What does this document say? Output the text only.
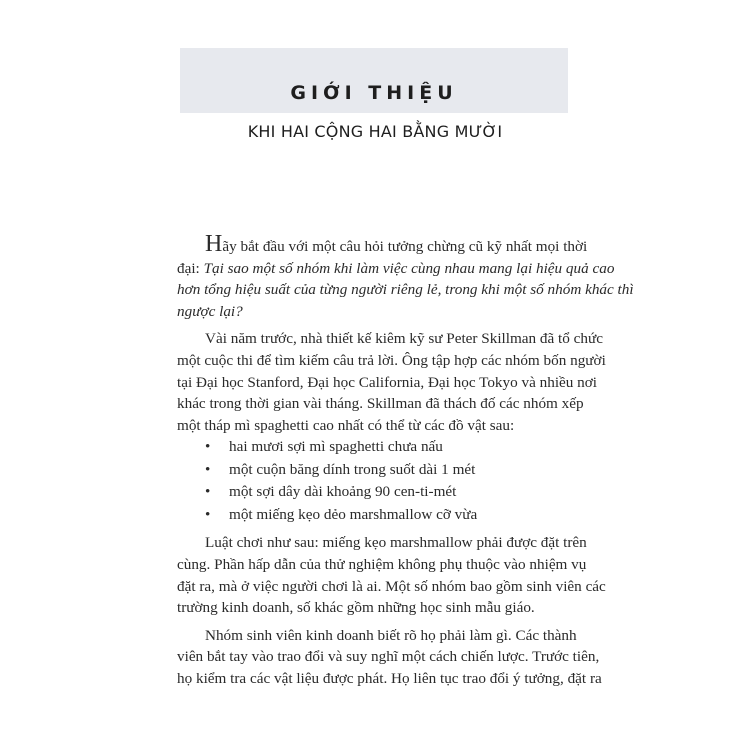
GIỚI THIỆU
KHI HAI CỘNG HAI BẰNG MƯỜI
Hãy bắt đầu với một câu hỏi tưởng chừng cũ kỹ nhất mọi thời
đại: Tại sao một số nhóm khi làm việc cùng nhau mang lại hiệu quả cao
hơn tổng hiệu suất của từng người riêng lẻ, trong khi một số nhóm khác thì
ngược lại?
Vài năm trước, nhà thiết kế kiêm kỹ sư Peter Skillman đã tổ chức
một cuộc thi để tìm kiếm câu trả lời. Ông tập hợp các nhóm bốn người
tại Đại học Stanford, Đại học California, Đại học Tokyo và nhiều nơi
khác trong thời gian vài tháng. Skillman đã thách đố các nhóm xếp
một tháp mì spaghetti cao nhất có thể từ các đồ vật sau:
•	hai mươi sợi mì spaghetti chưa nấu
•	một cuộn băng dính trong suốt dài 1 mét
•	một sợi dây dài khoảng 90 cen-ti-mét
•	một miếng kẹo dẻo marshmallow cỡ vừa
Luật chơi như sau: miếng kẹo marshmallow phải được đặt trên
cùng. Phần hấp dẫn của thử nghiệm không phụ thuộc vào nhiệm vụ
đặt ra, mà ở việc người chơi là ai. Một số nhóm bao gồm sinh viên các
trường kinh doanh, số khác gồm những học sinh mẫu giáo.
Nhóm sinh viên kinh doanh biết rõ họ phải làm gì. Các thành
viên bắt tay vào trao đổi và suy nghĩ một cách chiến lược. Trước tiên,
họ kiểm tra các vật liệu được phát. Họ liên tục trao đổi ý tưởng, đặt ra
